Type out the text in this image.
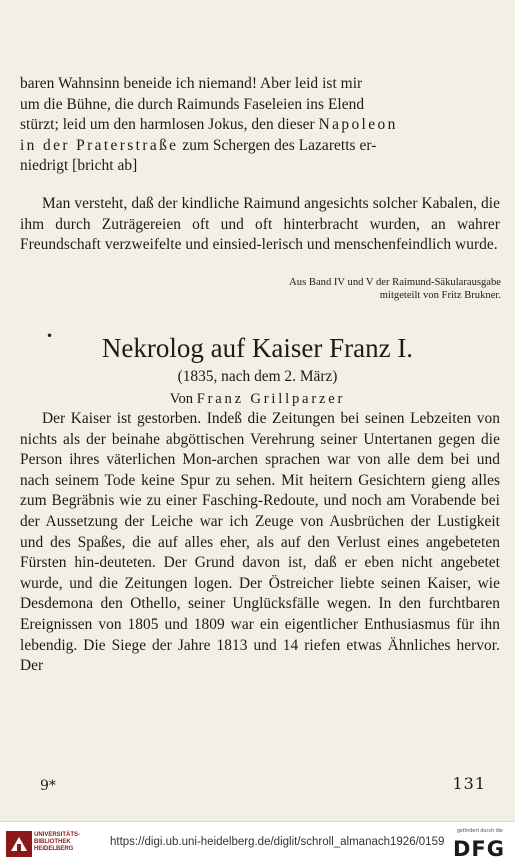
baren Wahnsinn beneide ich niemand! Aber leid ist mir

um die Bühne, die durch Raimunds Faseleien ins Elend

stürzt; leid um den harmlosen Jokus, den dieser Napoleon

in der Praterstraße zum Schergen des Lazaretts er-

niedrigt [bricht ab]

Man versteht, daß der kindliche Raimund angesichts solcher Kabalen, die ihm durch Zuträgereien oft und oft hinterbracht wurden, an wahrer Freundschaft verzweifelte und einsied-lerisch und menschenfeindlich wurde.
Aus Band IV und V der Raimund-Säkularausgabe
mitgeteilt von Fritz Brukner.
•	Nekrolog auf Kaiser Franz I.
(1835, nach dem 2. März)
Von Franz Grillparzer
Der Kaiser ist gestorben. Indeß die Zeitungen bei seinen Lebzeiten von nichts als der beinahe abgöttischen Verehrung seiner Untertanen gegen die Person ihres väterlichen Mon-archen sprachen war von alle dem bei und nach seinem Tode keine Spur zu sehen. Mit heitern Gesichtern gieng alles zum Begräbnis wie zu einer Fasching-Redoute, und noch am Vorabende bei der Aussetzung der Leiche war ich Zeuge von Ausbrüchen der Lustigkeit und des Spaßes, die auf alles eher, als auf den Verlust eines angebeteten Fürsten hin-deuteten. Der Grund davon ist, daß er eben nicht angebetet wurde, und die Zeitungen logen. Der Östreicher liebte seinen Kaiser, wie Desdemona den Othello, seiner Unglücksfälle wegen. In den furchtbaren Ereignissen von 1805 und 1809 war ein eigentlicher Enthusiasmus für ihn lebendig. Die Siege der Jahre 1813 und 14 riefen etwas Ähnliches hervor. Der
9*	131
UNIVERSITÄTS-
BIBLIOTHEK
HEIDELBERG
https://digi.ub.uni-heidelberg.de/diglit/schroll_almanach1926/0159
gefördert durch die
DFG
